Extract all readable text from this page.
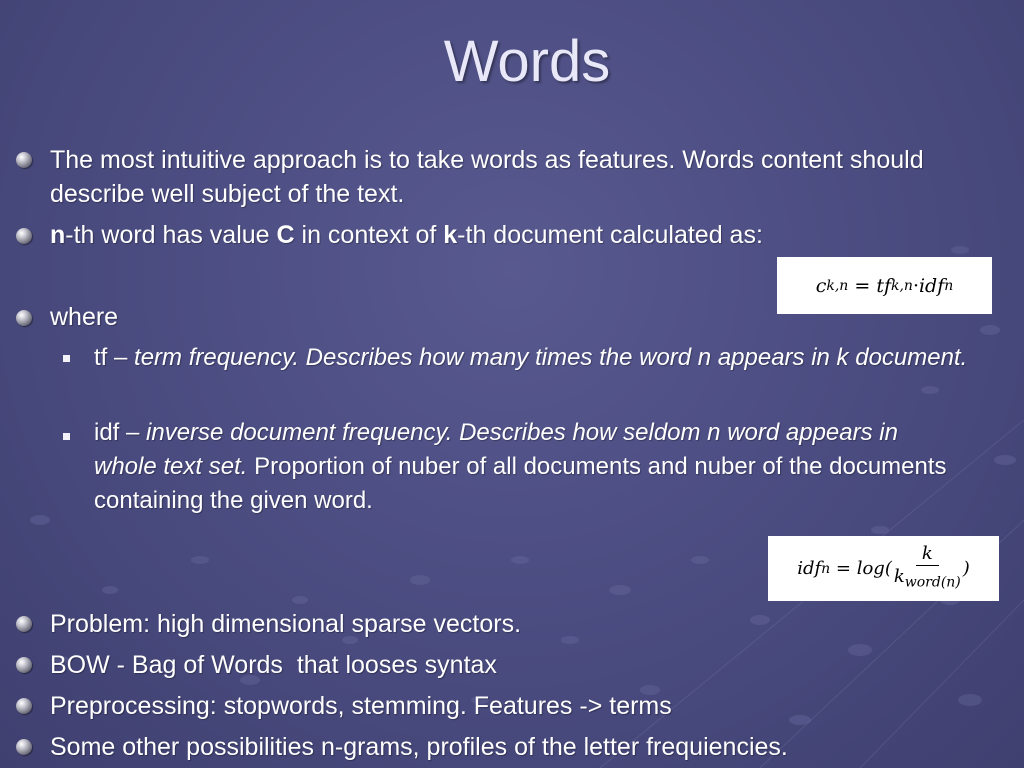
Words
The most intuitive approach is to take words as features. Words content should describe well subject of the text.
n-th word has value C in context of k-th document calculated as:
c k,n = tf k,n · idf n
where
tf – term frequency. Describes how many times the word n appears in k document.
idf – inverse document frequency. Describes how seldom n word appears in whole text set. Proportion of nuber of all documents and nuber of the documents containing the given word.
idf $n = \log( \frac{k}{k_{word(n)}}$ )
Problem: high dimensional sparse vectors.
BOW - Bag of Words  that looses syntax
Preprocessing: stopwords, stemming. Features -> terms
Some other possibilities n-grams, profiles of the letter frequiencies.
